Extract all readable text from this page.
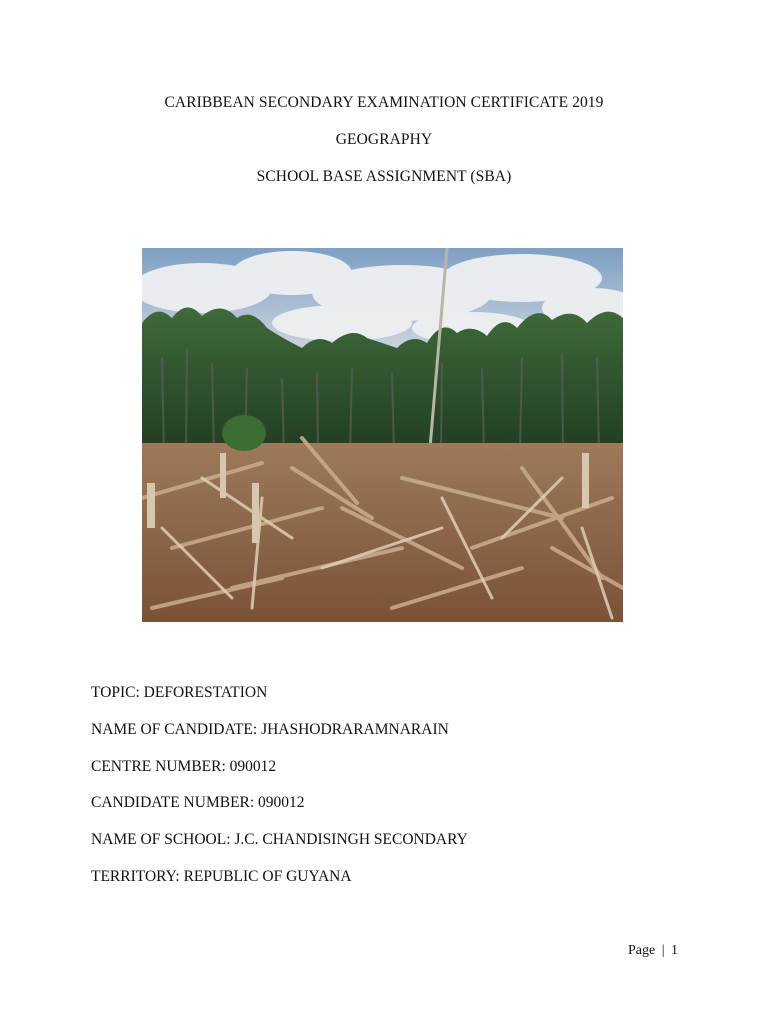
CARIBBEAN SECONDARY EXAMINATION CERTIFICATE 2019
GEOGRAPHY
SCHOOL BASE ASSIGNMENT (SBA)
TOPIC: DEFORESTATION
NAME OF CANDIDATE: JHASHODRARAMNARAIN
CENTRE NUMBER: 090012
CANDIDATE NUMBER: 090012
NAME OF SCHOOL: J.C. CHANDISINGH SECONDARY
TERRITORY: REPUBLIC OF GUYANA
Page | 1
